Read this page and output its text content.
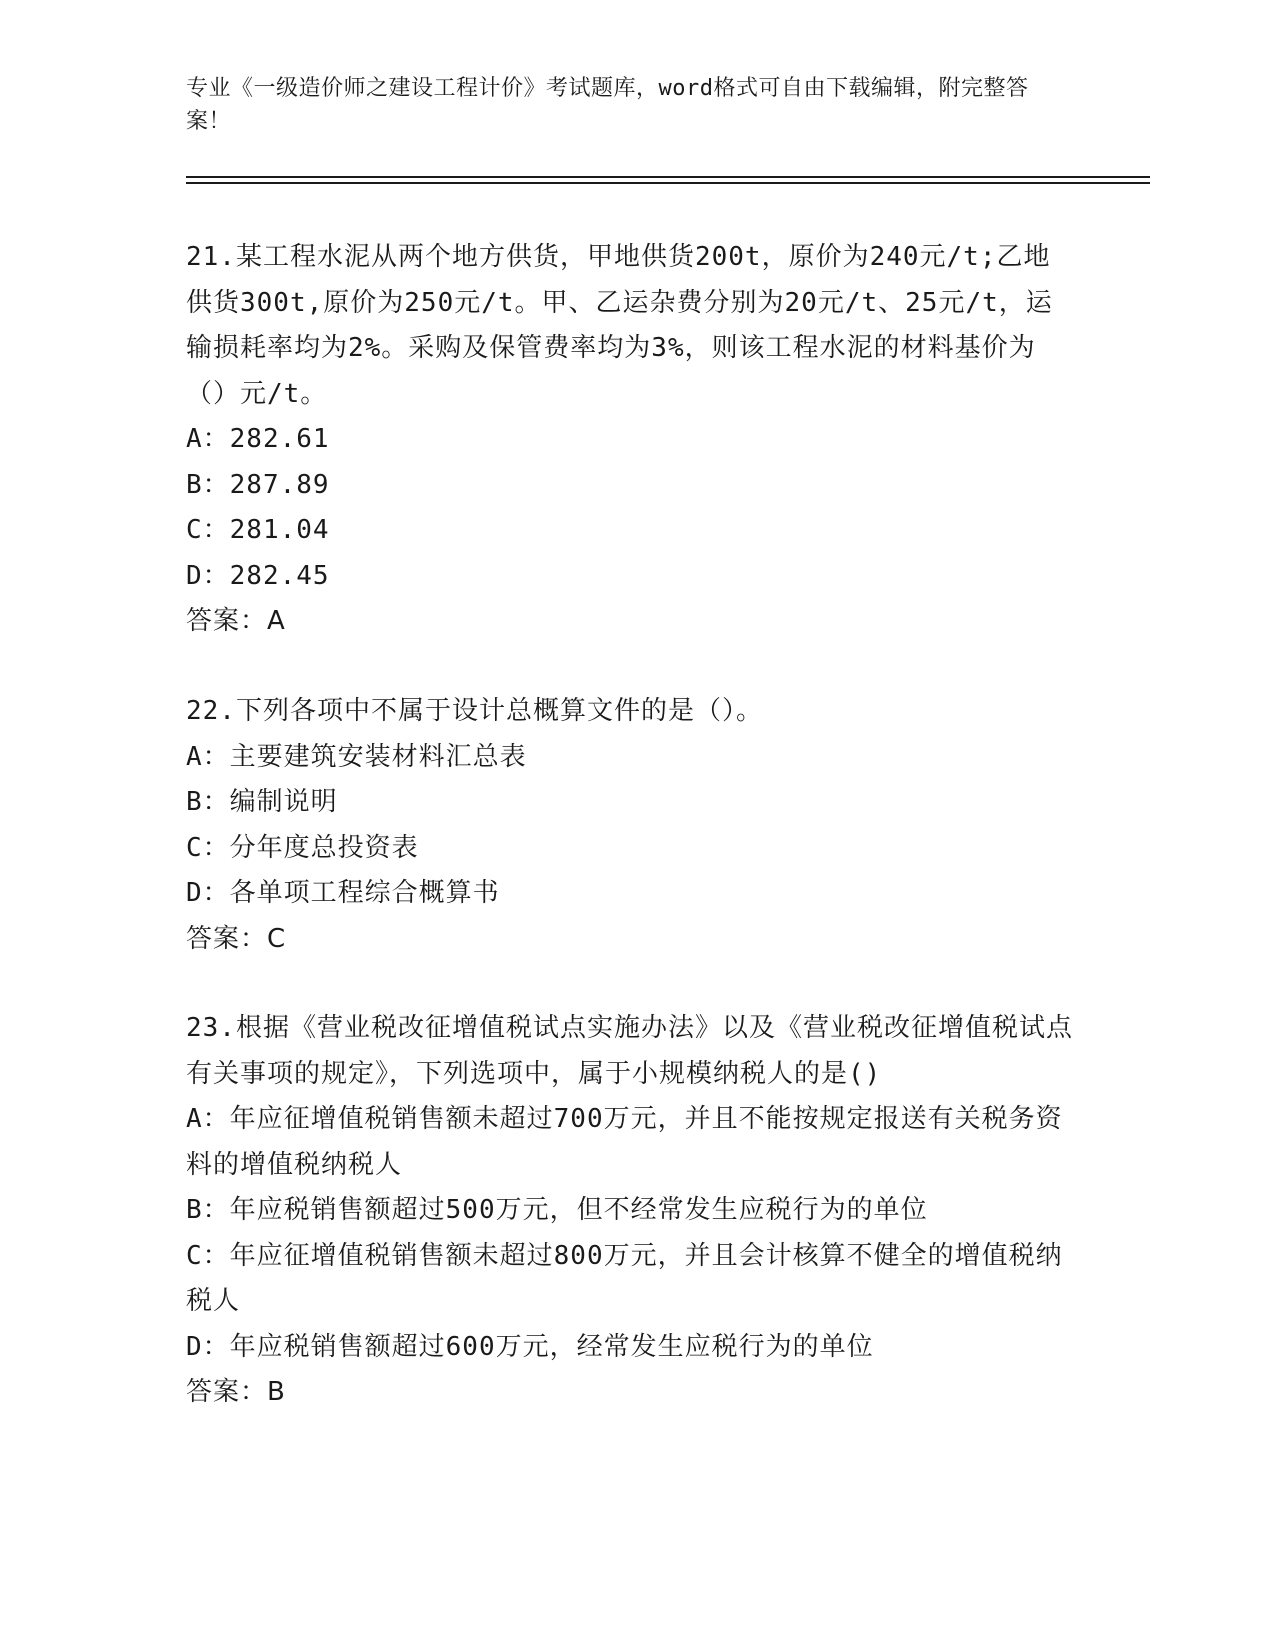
专业《一级造价师之建设工程计价》考试题库，word格式可自由下载编辑，附完整答案！

21.某工程水泥从两个地方供货，甲地供货200t，原价为240元/t;乙地供货300t,原价为250元/t。甲、乙运杂费分别为20元/t、25元/t，运输损耗率均为2%。采购及保管费率均为3%，则该工程水泥的材料基价为（）元/t。

A：282.61

B：287.89

C：281.04

D：282.45

答案：A

22.下列各项中不属于设计总概算文件的是（）。

A：主要建筑安装材料汇总表

B：编制说明

C：分年度总投资表

D：各单项工程综合概算书

答案：C

23.根据《营业税改征增值税试点实施办法》以及《营业税改征增值税试点有关事项的规定》，下列选项中，属于小规模纳税人的是()

A：年应征增值税销售额未超过700万元，并且不能按规定报送有关税务资料的增值税纳税人

B：年应税销售额超过500万元，但不经常发生应税行为的单位

C：年应征增值税销售额未超过800万元，并且会计核算不健全的增值税纳税人

D：年应税销售额超过600万元，经常发生应税行为的单位

答案：B
